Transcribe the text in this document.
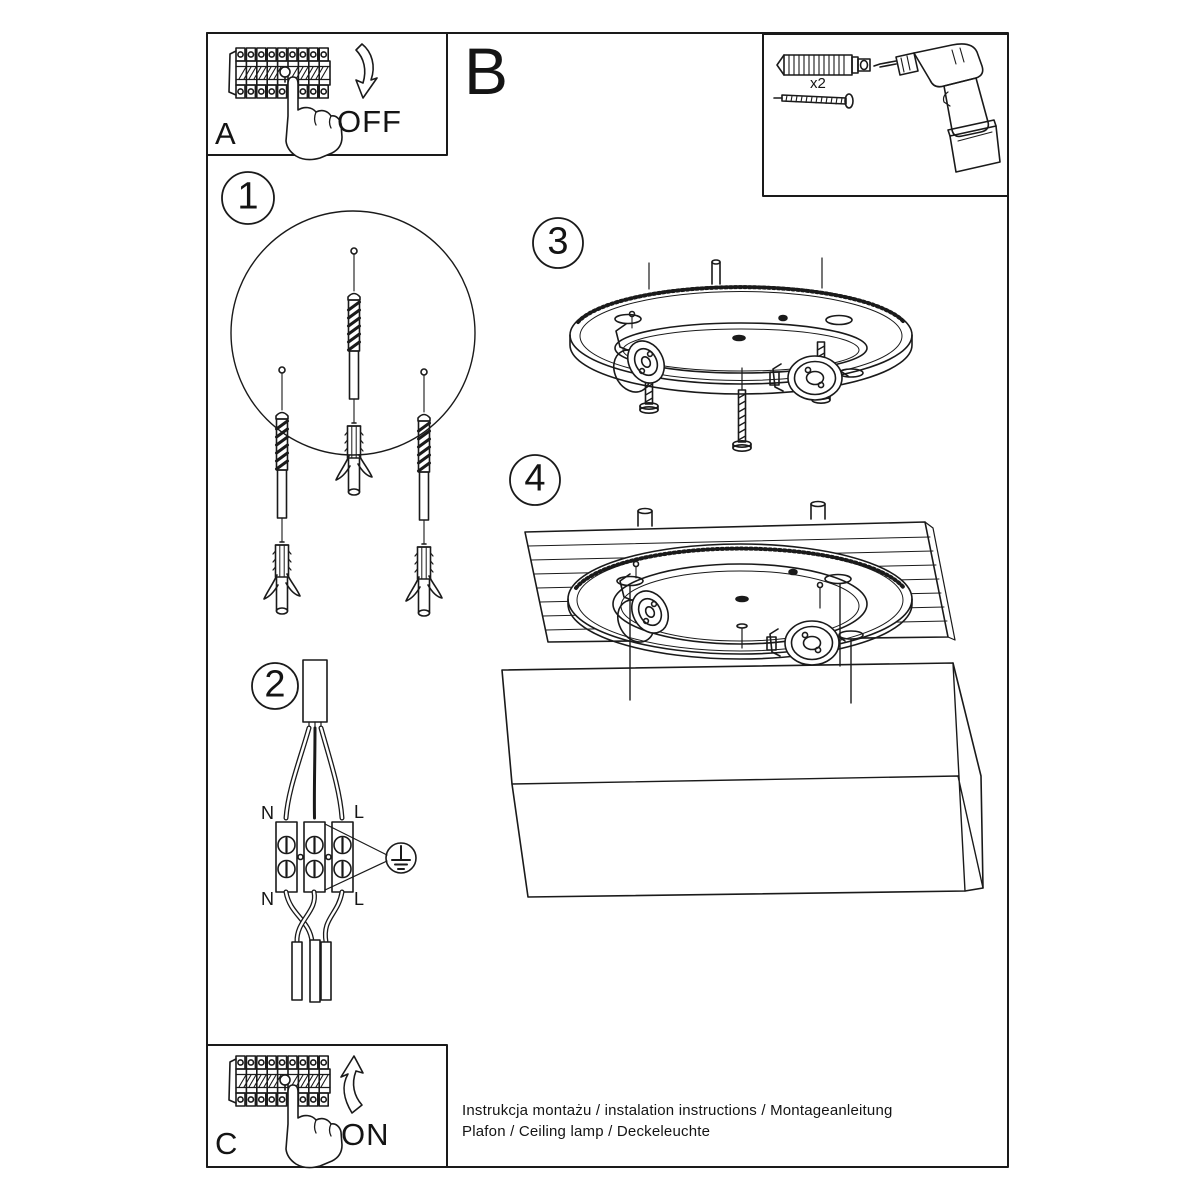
A	OFF
B	x2
1
2
3
4
N	L
N	L
C	ON
Instrukcja montażu / instalation instructions / Montageanleitung
Plafon / Ceiling lamp / Deckeleuchte
